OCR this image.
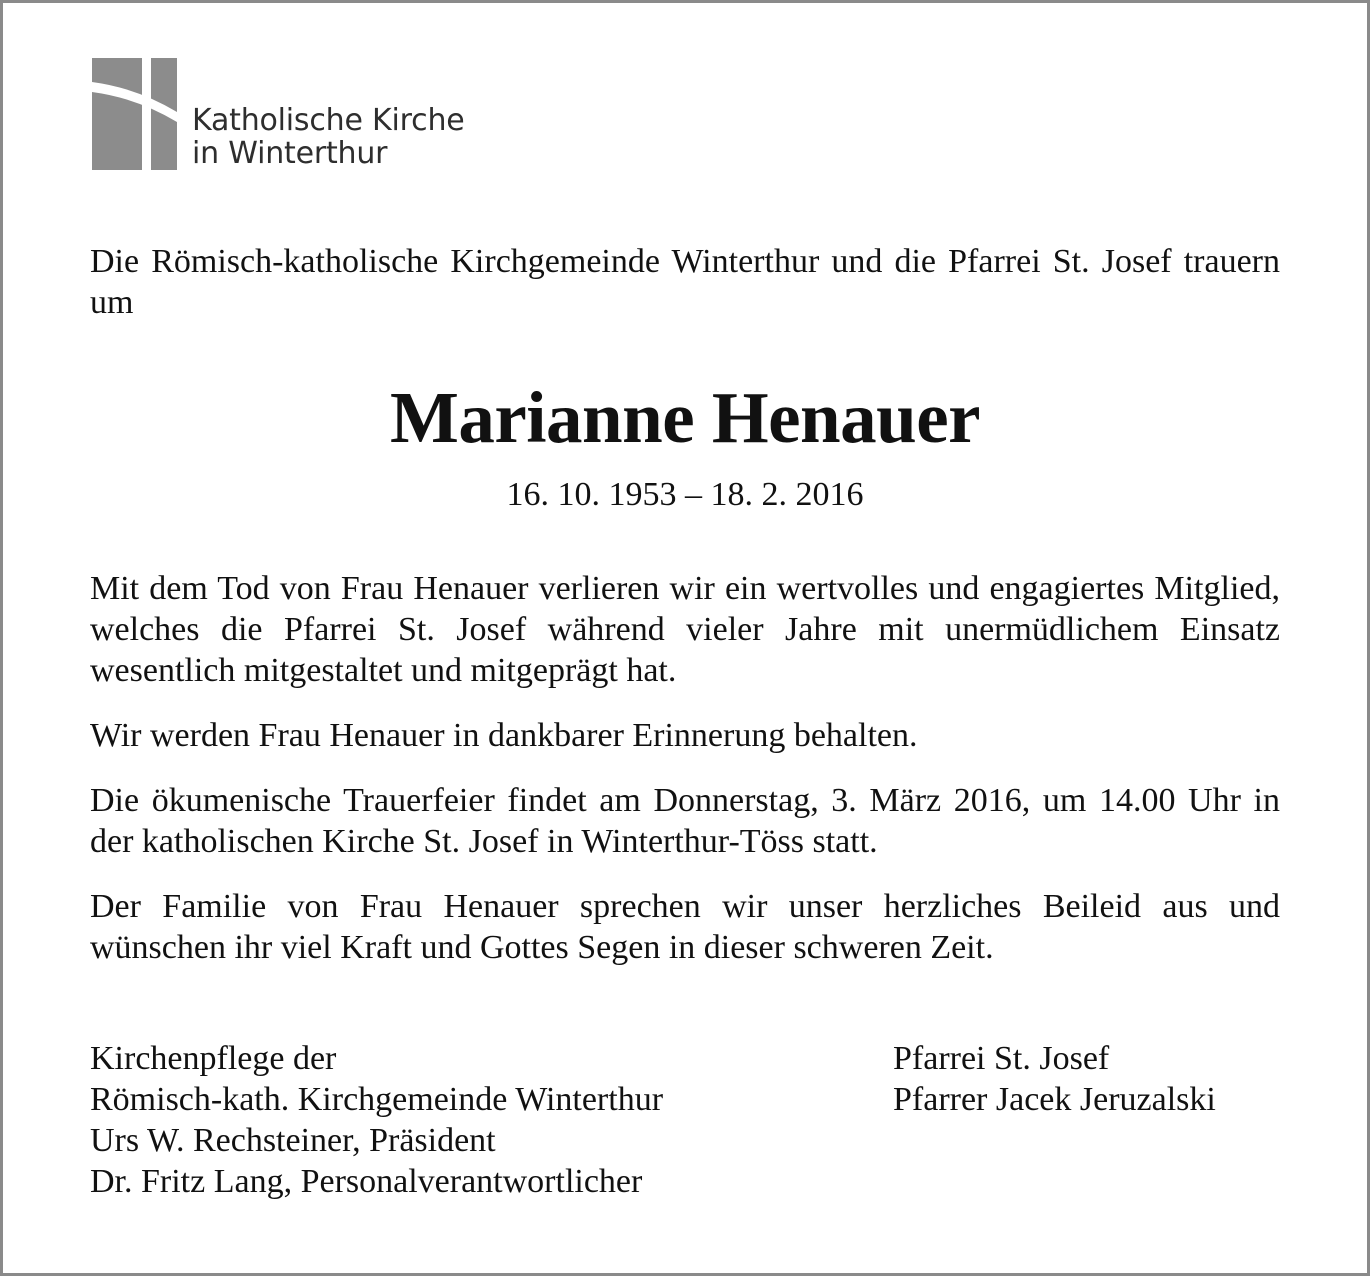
Katholische Kirche
in Winterthur
Die Römisch-katholische Kirchgemeinde Winterthur und die Pfarrei St. Josef trauern um
Marianne Henauer
16. 10. 1953 – 18. 2. 2016

Mit dem Tod von Frau Henauer verlieren wir ein wertvolles und engagiertes Mitglied, welches die Pfarrei St. Josef während vieler Jahre mit unermüdlichem Einsatz wesentlich mitgestaltet und mitgeprägt hat.

Wir werden Frau Henauer in dankbarer Erinnerung behalten.

Die ökumenische Trauerfeier findet am Donnerstag, 3. März 2016, um 14.00 Uhr in der katholischen Kirche St. Josef in Winterthur-Töss statt.

Der Familie von Frau Henauer sprechen wir unser herzliches Beileid aus und wünschen ihr viel Kraft und Gottes Segen in dieser schweren Zeit.

Kirchenpflege der
Römisch-kath. Kirchgemeinde Winterthur
Urs W. Rechsteiner, Präsident
Dr. Fritz Lang, Personalverantwortlicher
Pfarrei St. Josef
Pfarrer Jacek Jeruzalski
